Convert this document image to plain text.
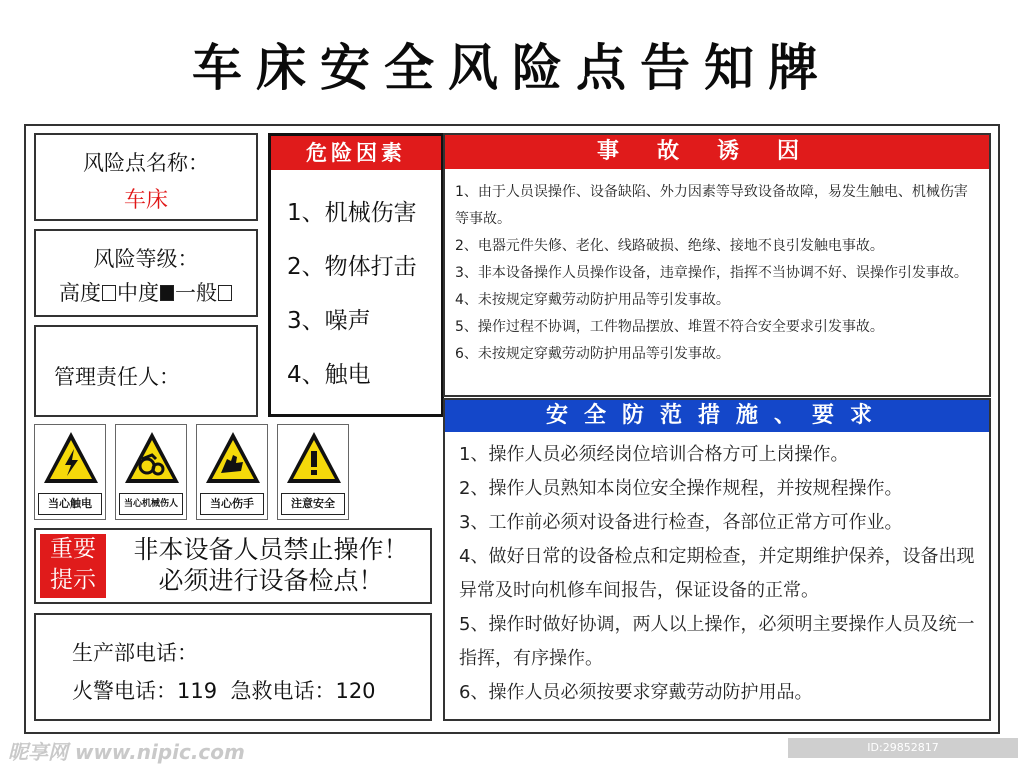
车床安全风险点告知牌
风险点名称：
车床
风险等级：
高度 中度 一般
管理责任人：
危险因素
1、机械伤害
2、物体打击
3、噪声
4、触电
事故诱因
1、由于人员误操作、设备缺陷、外力因素等导致设备故障，易发生触电、机械伤害等事故。
2、电器元件失修、老化、线路破损、绝缘、接地不良引发触电事故。
3、非本设备操作人员操作设备，违章操作，指挥不当协调不好、误操作引发事故。
4、未按规定穿戴劳动防护用品等引发事故。
5、操作过程不协调，工件物品摆放、堆置不符合安全要求引发事故。
6、未按规定穿戴劳动防护用品等引发事故。
安全防范措施、要求
1、操作人员必须经岗位培训合格方可上岗操作。
2、操作人员熟知本岗位安全操作规程，并按规程操作。
3、工作前必须对设备进行检查，各部位正常方可作业。
4、做好日常的设备检点和定期检查，并定期维护保养，设备出现异常及时向机修车间报告，保证设备的正常。
5、操作时做好协调，两人以上操作，必须明主要操作人员及统一指挥，有序操作。
6、操作人员必须按要求穿戴劳动防护用品。
当心触电	当心机械伤人	当心伤手	注意安全
重要
提示
非本设备人员禁止操作！
必须进行设备检点！
生产部电话：
火警电话：119 急救电话：120
昵享网 www.nipic.com	ID:29852817 NO:20211224113753423126
